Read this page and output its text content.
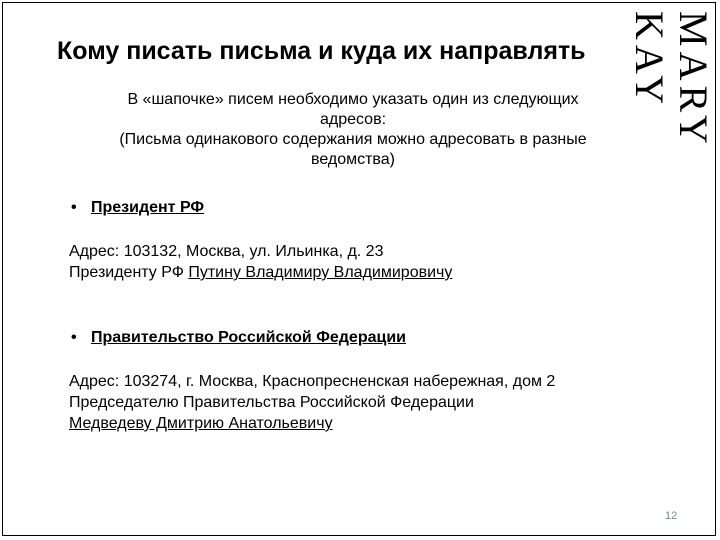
MARY KAY
Кому писать письма и куда их направлять
В «шапочке» писем необходимо указать один из следующих
адресов:
(Письма одинакового содержания можно адресовать в разные
ведомства)
• Президент РФ
Адрес: 103132, Москва, ул. Ильинка, д. 23
Президенту РФ Путину Владимиру Владимировичу
• Правительство Российской Федерации
Адрес: 103274, г. Москва, Краснопресненская набережная, дом 2
Председателю Правительства Российской Федерации
Медведеву Дмитрию Анатольевичу
12
